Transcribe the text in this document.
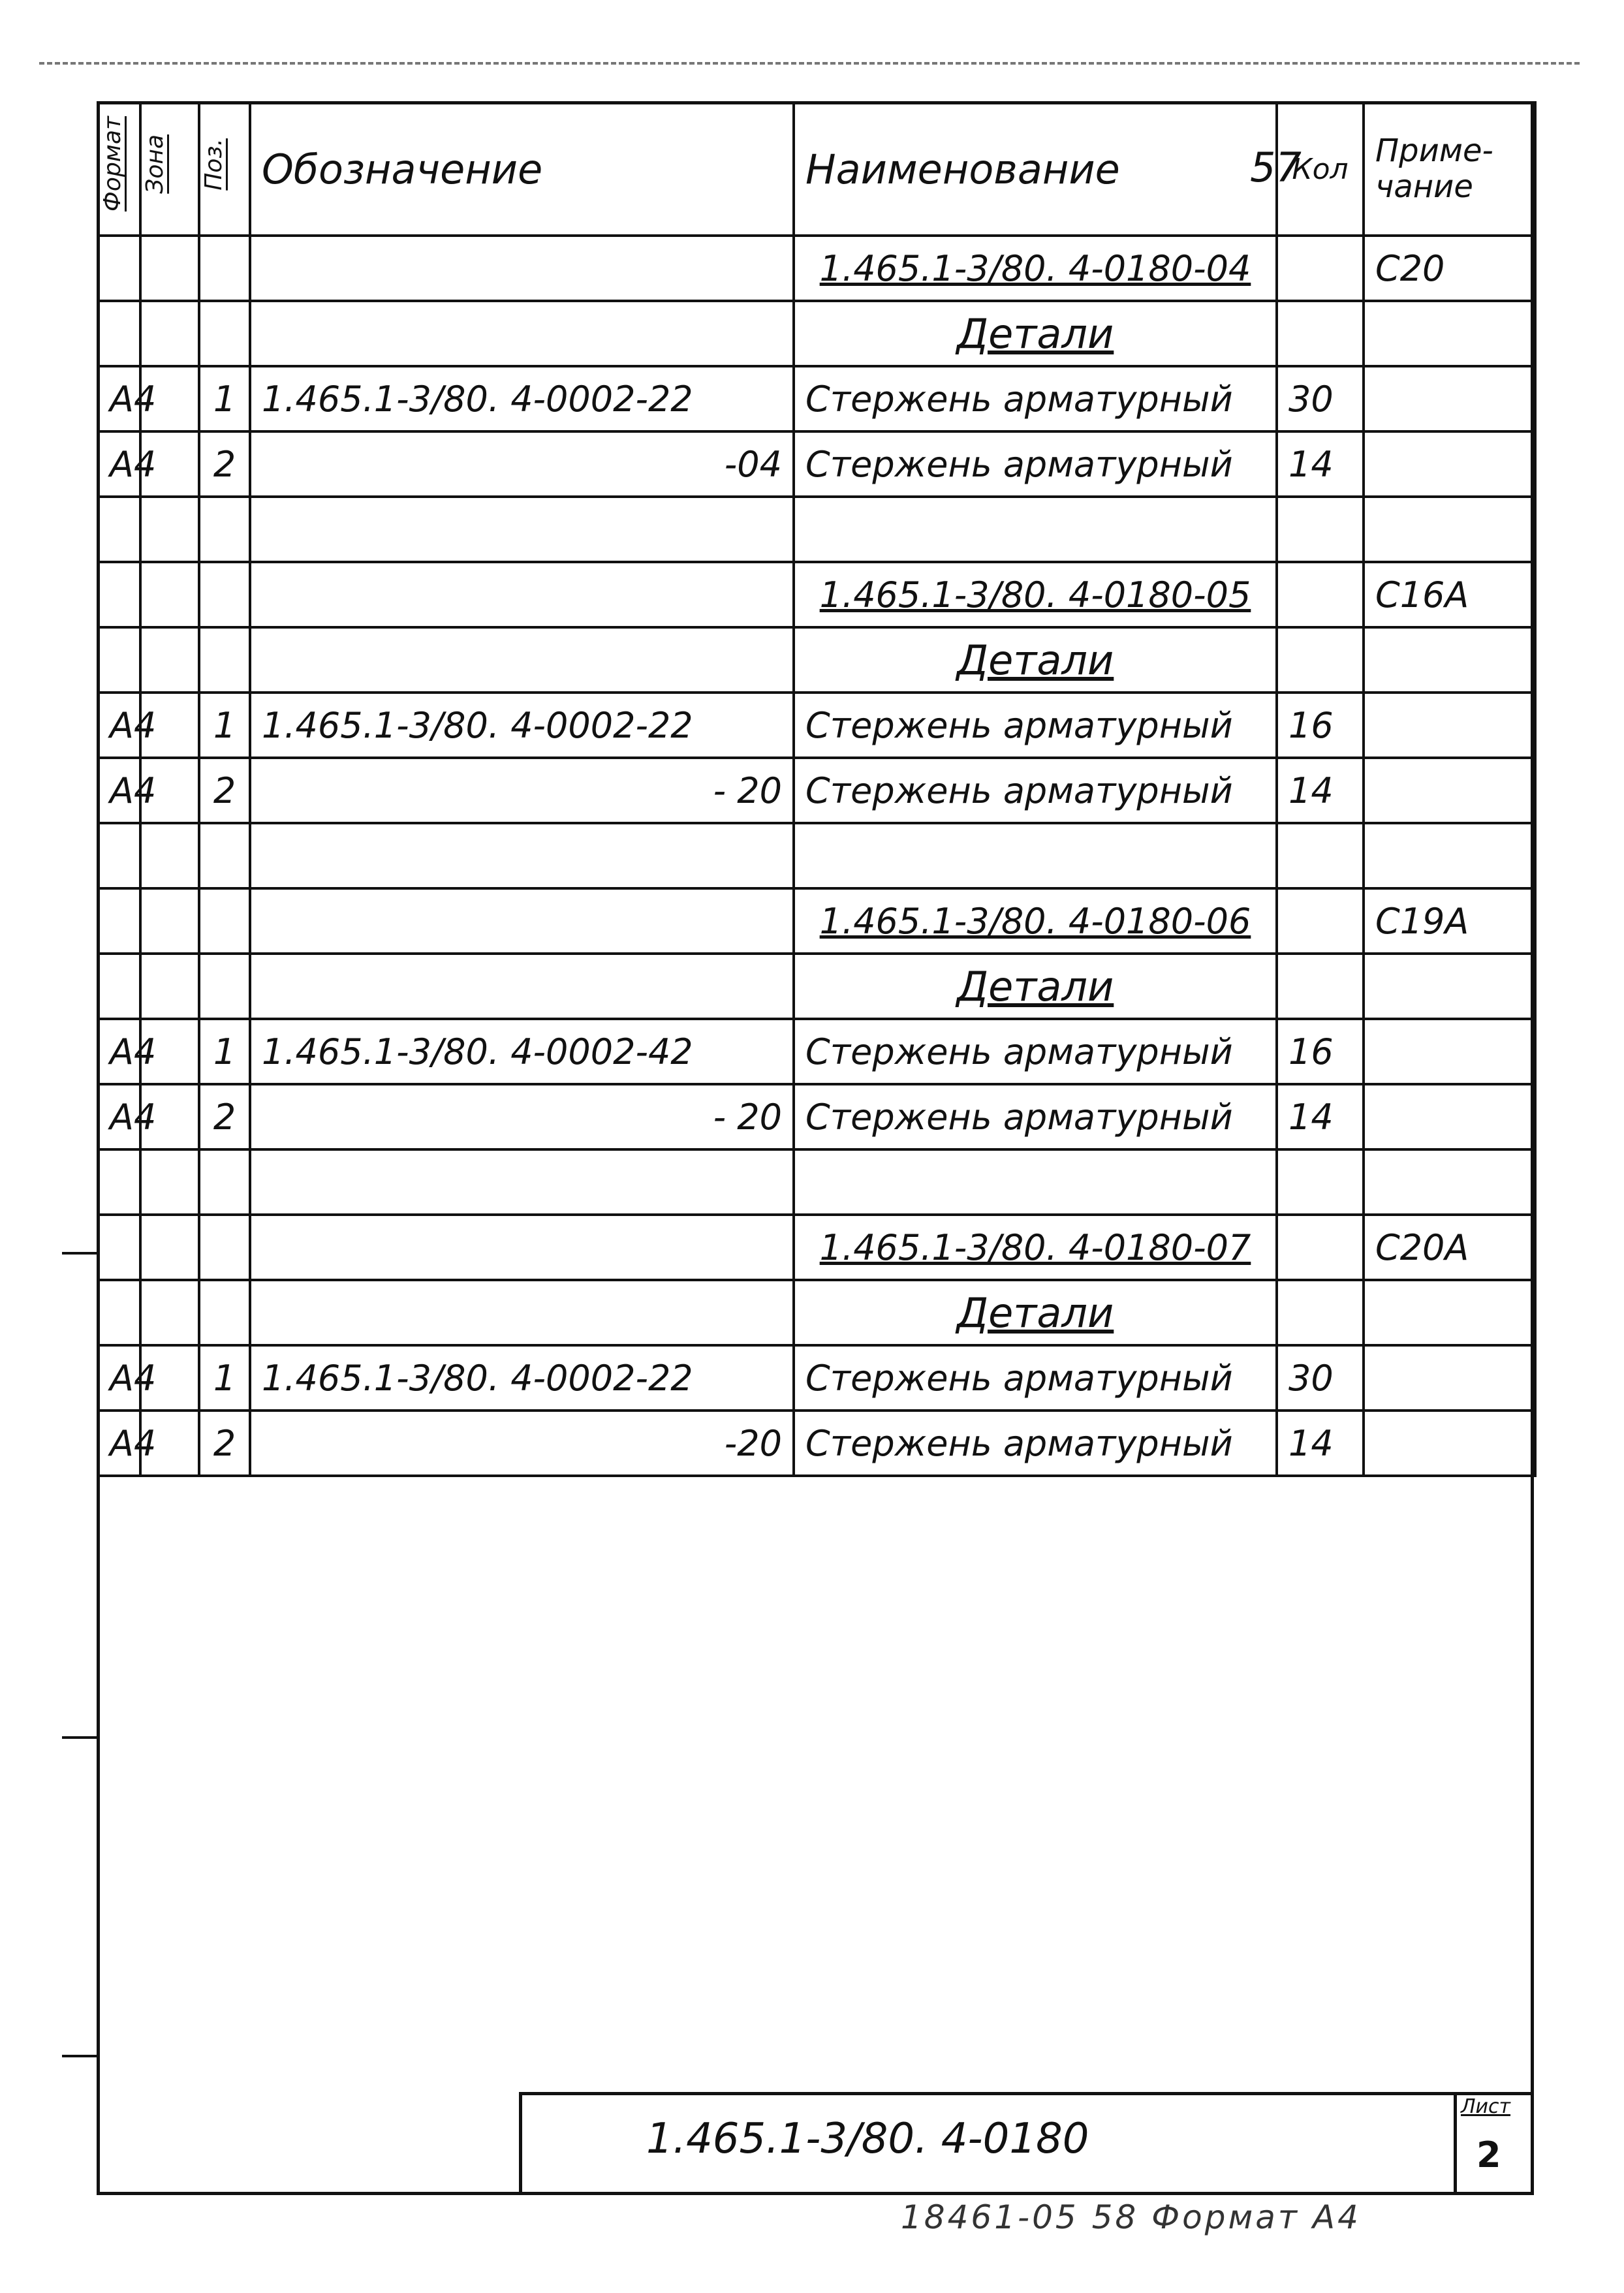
Формат	Зона	Поз.	Обозначение	Наименование	Кол	Приме-
чание
				1.465.1-3/80. 4-0180-04		С20
				Детали		
А4		1	1.465.1-3/80. 4-0002-22	Стержень арматурный	30	
А4		2	-04	Стержень арматурный	14	

				1.465.1-3/80. 4-0180-05		С16А
				Детали		
А4		1	1.465.1-3/80. 4-0002-22	Стержень арматурный	16	
А4		2	- 20	Стержень арматурный	14	

				1.465.1-3/80. 4-0180-06		С19А
				Детали		
А4		1	1.465.1-3/80. 4-0002-42	Стержень арматурный	16	
А4		2	- 20	Стержень арматурный	14	

				1.465.1-3/80. 4-0180-07		С20А
				Детали		
А4		1	1.465.1-3/80. 4-0002-22	Стержень арматурный	30	
А4		2	-20	Стержень арматурный	14	
57
1.465.1-3/80. 4-0180
Лист
2
18461-05 58 Формат А4
